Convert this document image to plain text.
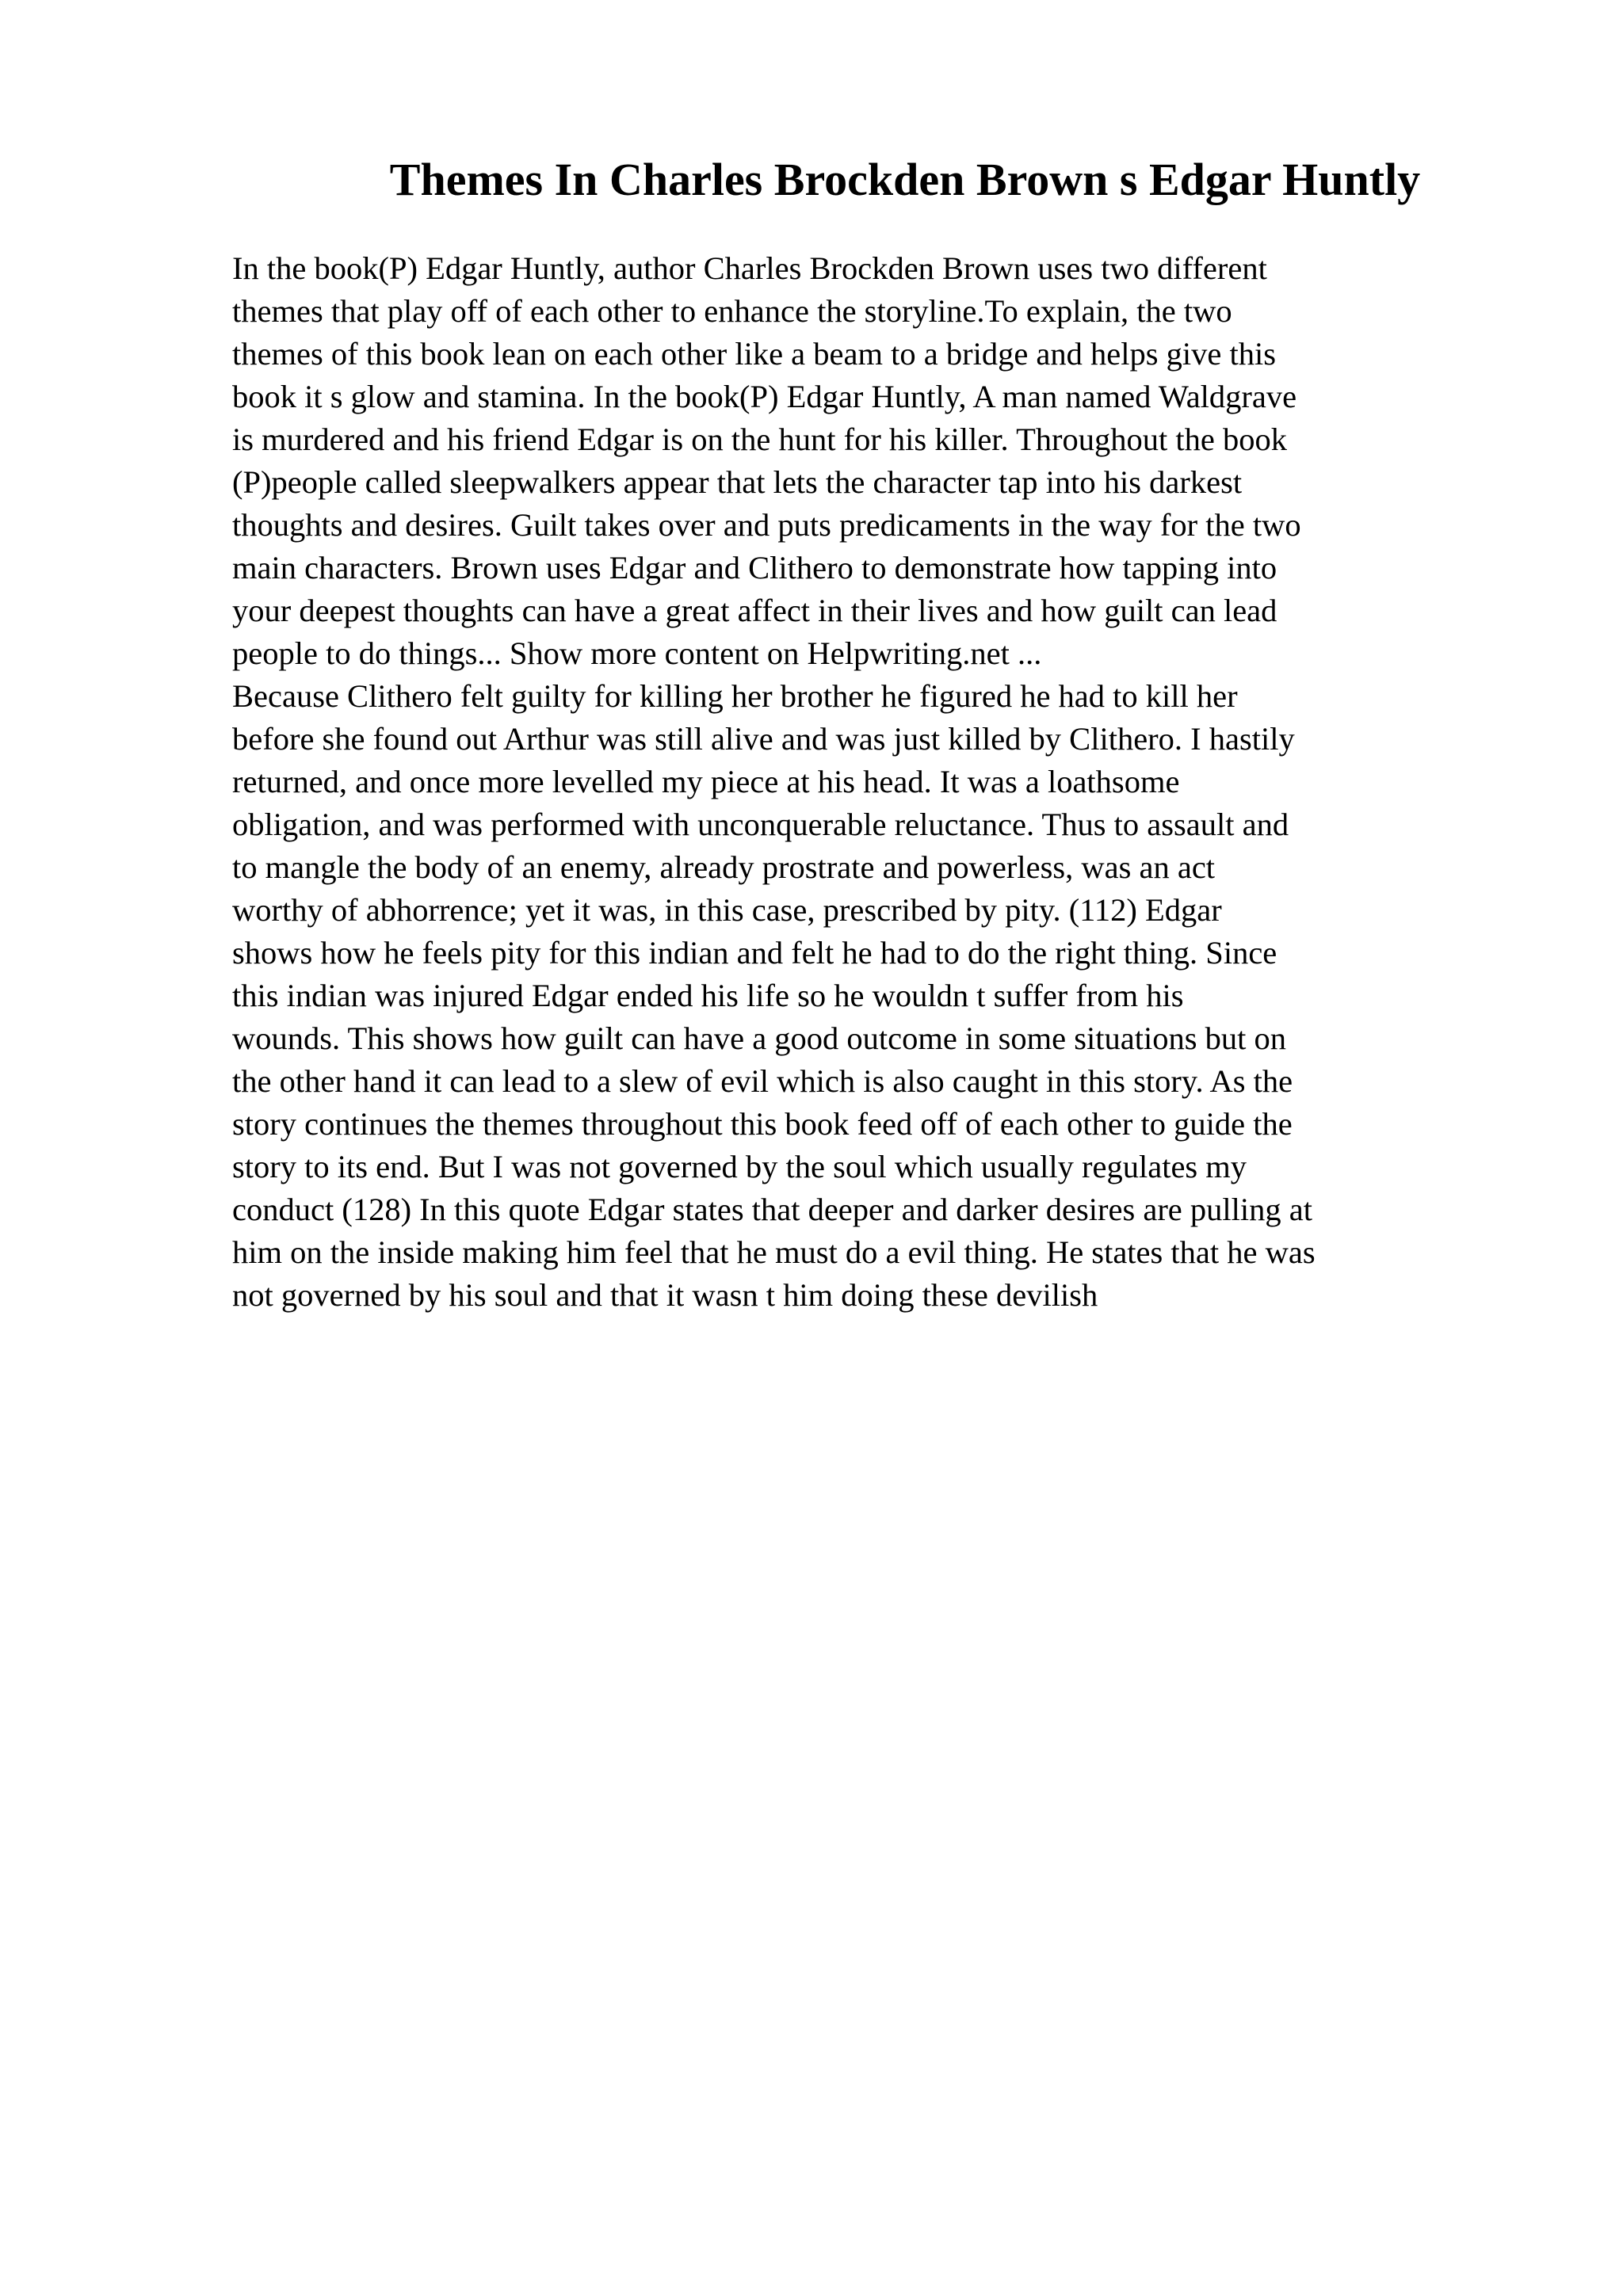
Themes In Charles Brockden Brown s Edgar Huntly
In the book(P) Edgar Huntly, author Charles Brockden Brown uses two different
themes that play off of each other to enhance the storyline.To explain, the two
themes of this book lean on each other like a beam to a bridge and helps give this
book it s glow and stamina. In the book(P) Edgar Huntly, A man named Waldgrave
is murdered and his friend Edgar is on the hunt for his killer. Throughout the book
(P)people called sleepwalkers appear that lets the character tap into his darkest
thoughts and desires. Guilt takes over and puts predicaments in the way for the two
main characters. Brown uses Edgar and Clithero to demonstrate how tapping into
your deepest thoughts can have a great affect in their lives and how guilt can lead
people to do things... Show more content on Helpwriting.net ...
Because Clithero felt guilty for killing her brother he figured he had to kill her
before she found out Arthur was still alive and was just killed by Clithero. I hastily
returned, and once more levelled my piece at his head. It was a loathsome
obligation, and was performed with unconquerable reluctance. Thus to assault and
to mangle the body of an enemy, already prostrate and powerless, was an act
worthy of abhorrence; yet it was, in this case, prescribed by pity. (112) Edgar
shows how he feels pity for this indian and felt he had to do the right thing. Since
this indian was injured Edgar ended his life so he wouldn t suffer from his
wounds. This shows how guilt can have a good outcome in some situations but on
the other hand it can lead to a slew of evil which is also caught in this story. As the
story continues the themes throughout this book feed off of each other to guide the
story to its end. But I was not governed by the soul which usually regulates my
conduct (128) In this quote Edgar states that deeper and darker desires are pulling at
him on the inside making him feel that he must do a evil thing. He states that he was
not governed by his soul and that it wasn t him doing these devilish
